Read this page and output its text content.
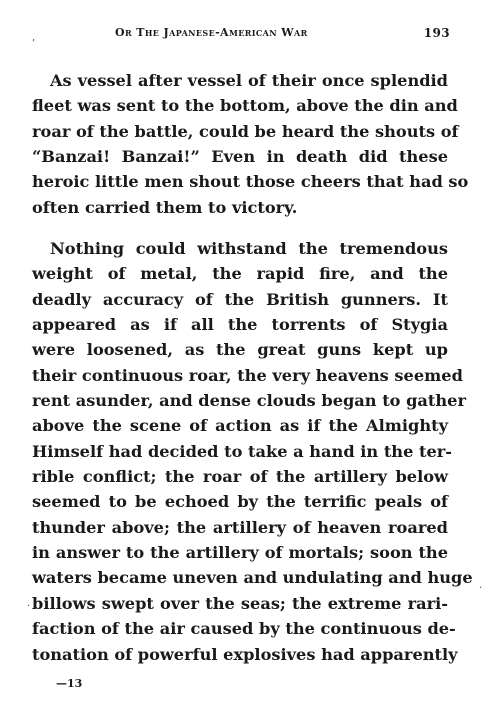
Or The Japanese-American War	193
,
.
.
As vessel after vessel of their once splendid
fleet was sent to the bottom, above the din and
roar of the battle, could be heard the shouts of
“Banzai! Banzai!” Even in death did these
heroic little men shout those cheers that had so
often carried them to victory.
Nothing could withstand the tremendous
weight of metal, the rapid fire, and the
deadly accuracy of the British gunners. It
appeared as if all the torrents of Stygia
were loosened, as the great guns kept up
their continuous roar, the very heavens seemed
rent asunder, and dense clouds began to gather
above the scene of action as if the Almighty
Himself had decided to take a hand in the ter-
rible conflict; the roar of the artillery below
seemed to be echoed by the terrific peals of
thunder above; the artillery of heaven roared
in answer to the artillery of mortals; soon the
waters became uneven and undulating and huge
billows swept over the seas; the extreme rari-
faction of the air caused by the continuous de-
tonation of powerful explosives had apparently
—13
